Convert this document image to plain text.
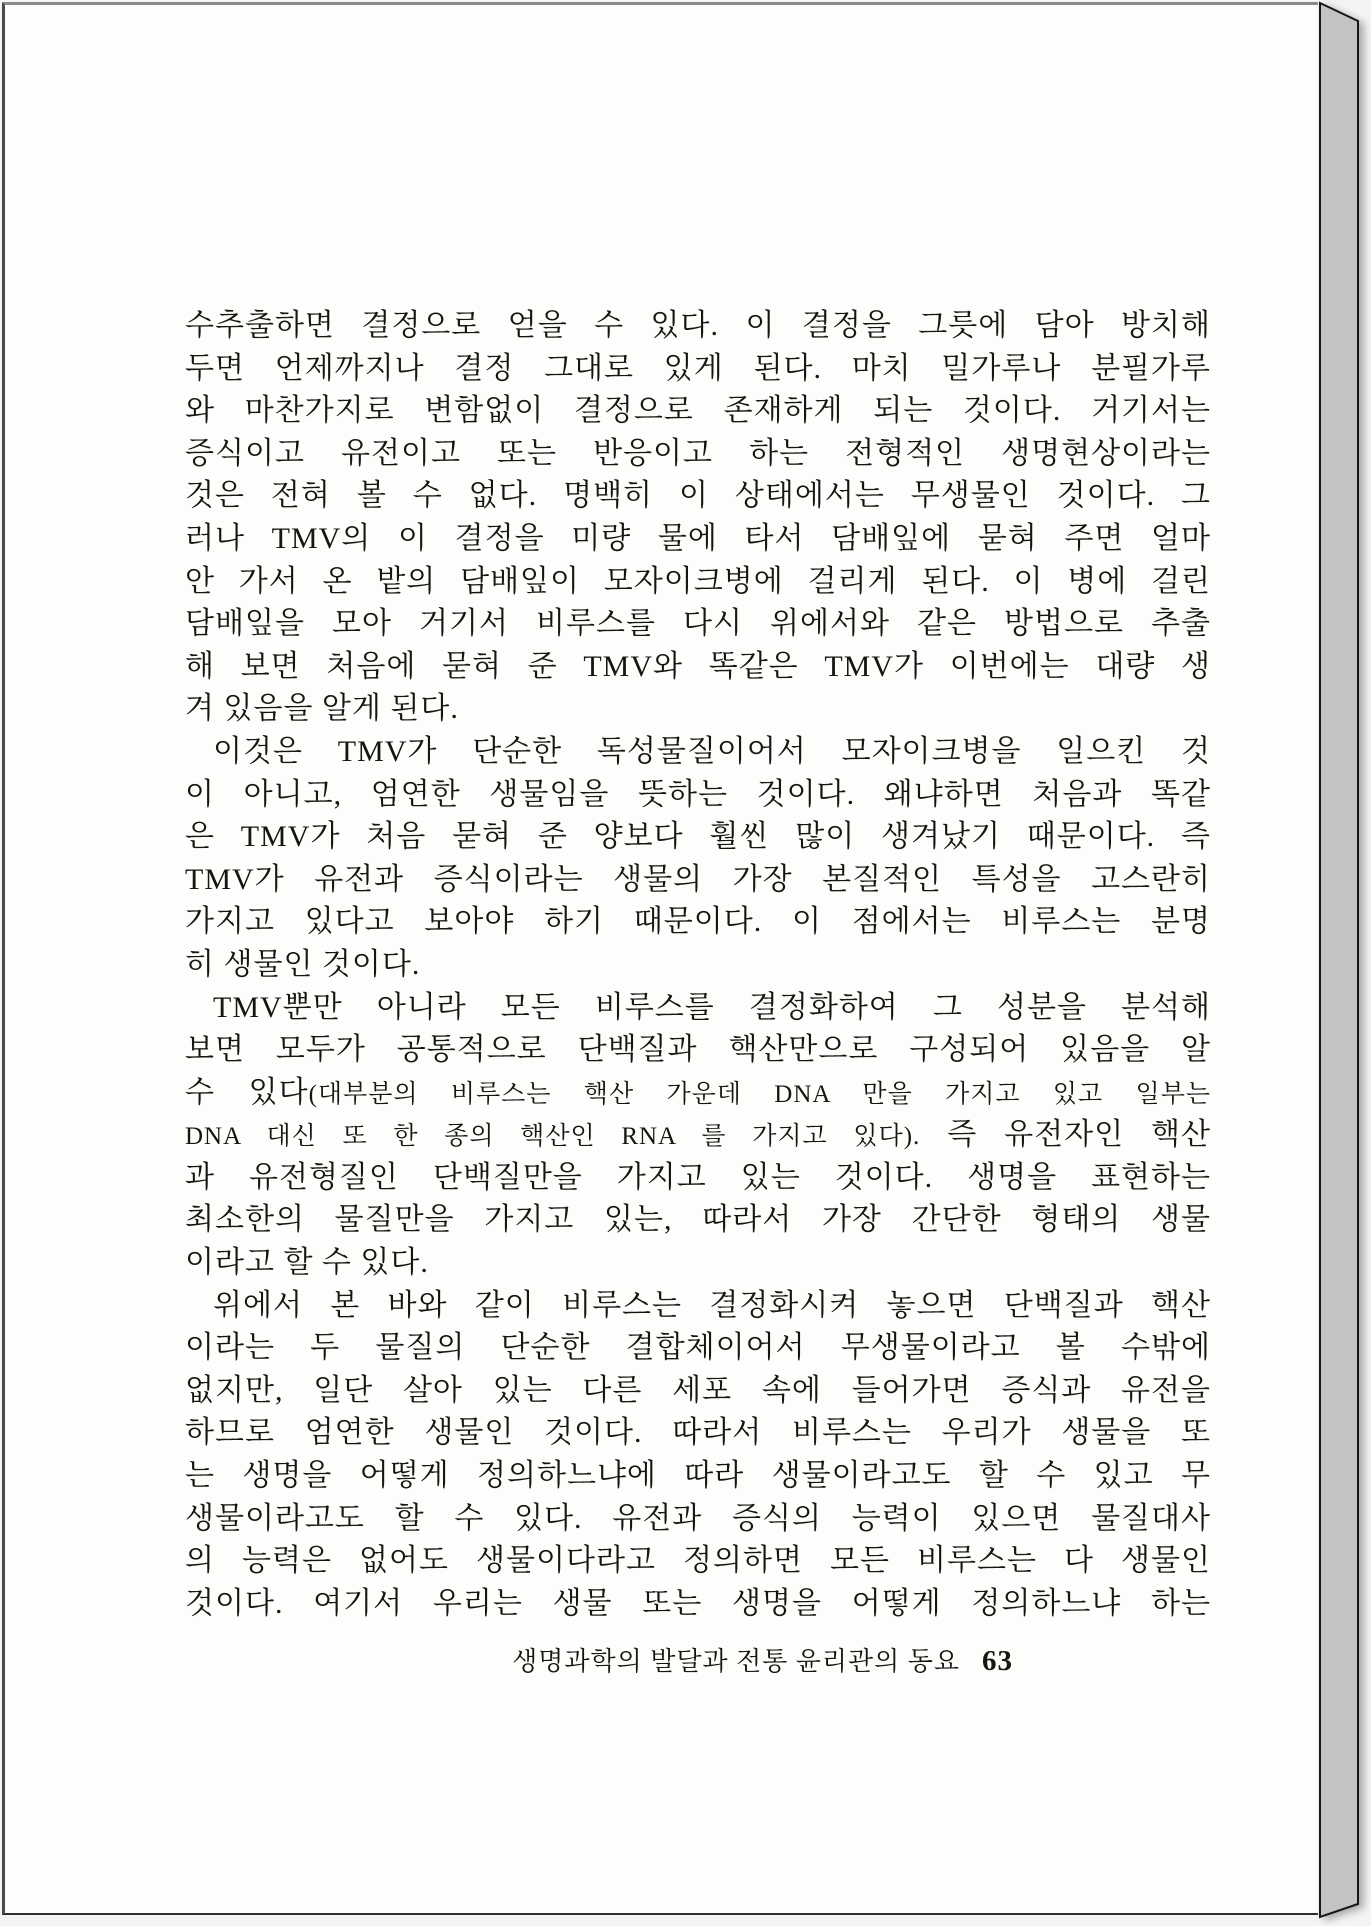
수추출하면 결정으로 얻을 수 있다. 이 결정을 그릇에 담아 방치해
두면 언제까지나 결정 그대로 있게 된다. 마치 밀가루나 분필가루
와 마찬가지로 변함없이 결정으로 존재하게 되는 것이다. 거기서는
증식이고 유전이고 또는 반응이고 하는 전형적인 생명현상이라는
것은 전혀 볼 수 없다. 명백히 이 상태에서는 무생물인 것이다. 그
러나 TMV의 이 결정을 미량 물에 타서 담배잎에 묻혀 주면 얼마
안 가서 온 밭의 담배잎이 모자이크병에 걸리게 된다. 이 병에 걸린
담배잎을 모아 거기서 비루스를 다시 위에서와 같은 방법으로 추출
해 보면 처음에 묻혀 준 TMV와 똑같은 TMV가 이번에는 대량 생
겨 있음을 알게 된다.
이것은 TMV가 단순한 독성물질이어서 모자이크병을 일으킨 것
이 아니고, 엄연한 생물임을 뜻하는 것이다. 왜냐하면 처음과 똑같
은 TMV가 처음 묻혀 준 양보다 훨씬 많이 생겨났기 때문이다. 즉
TMV가 유전과 증식이라는 생물의 가장 본질적인 특성을 고스란히
가지고 있다고 보아야 하기 때문이다. 이 점에서는 비루스는 분명
히 생물인 것이다.
TMV뿐만 아니라 모든 비루스를 결정화하여 그 성분을 분석해
보면 모두가 공통적으로 단백질과 핵산만으로 구성되어 있음을 알
수 있다(대부분의 비루스는 핵산 가운데 DNA 만을 가지고 있고 일부는
DNA 대신 또 한 종의 핵산인 RNA 를 가지고 있다). 즉 유전자인 핵산
과 유전형질인 단백질만을 가지고 있는 것이다. 생명을 표현하는
최소한의 물질만을 가지고 있는, 따라서 가장 간단한 형태의 생물
이라고 할 수 있다.
위에서 본 바와 같이 비루스는 결정화시켜 놓으면 단백질과 핵산
이라는 두 물질의 단순한 결합체이어서 무생물이라고 볼 수밖에
없지만, 일단 살아 있는 다른 세포 속에 들어가면 증식과 유전을
하므로 엄연한 생물인 것이다. 따라서 비루스는 우리가 생물을 또
는 생명을 어떻게 정의하느냐에 따라 생물이라고도 할 수 있고 무
생물이라고도 할 수 있다. 유전과 증식의 능력이 있으면 물질대사
의 능력은 없어도 생물이다라고 정의하면 모든 비루스는 다 생물인
것이다. 여기서 우리는 생물 또는 생명을 어떻게 정의하느냐 하는
생명과학의 발달과 전통 윤리관의 동요 63
